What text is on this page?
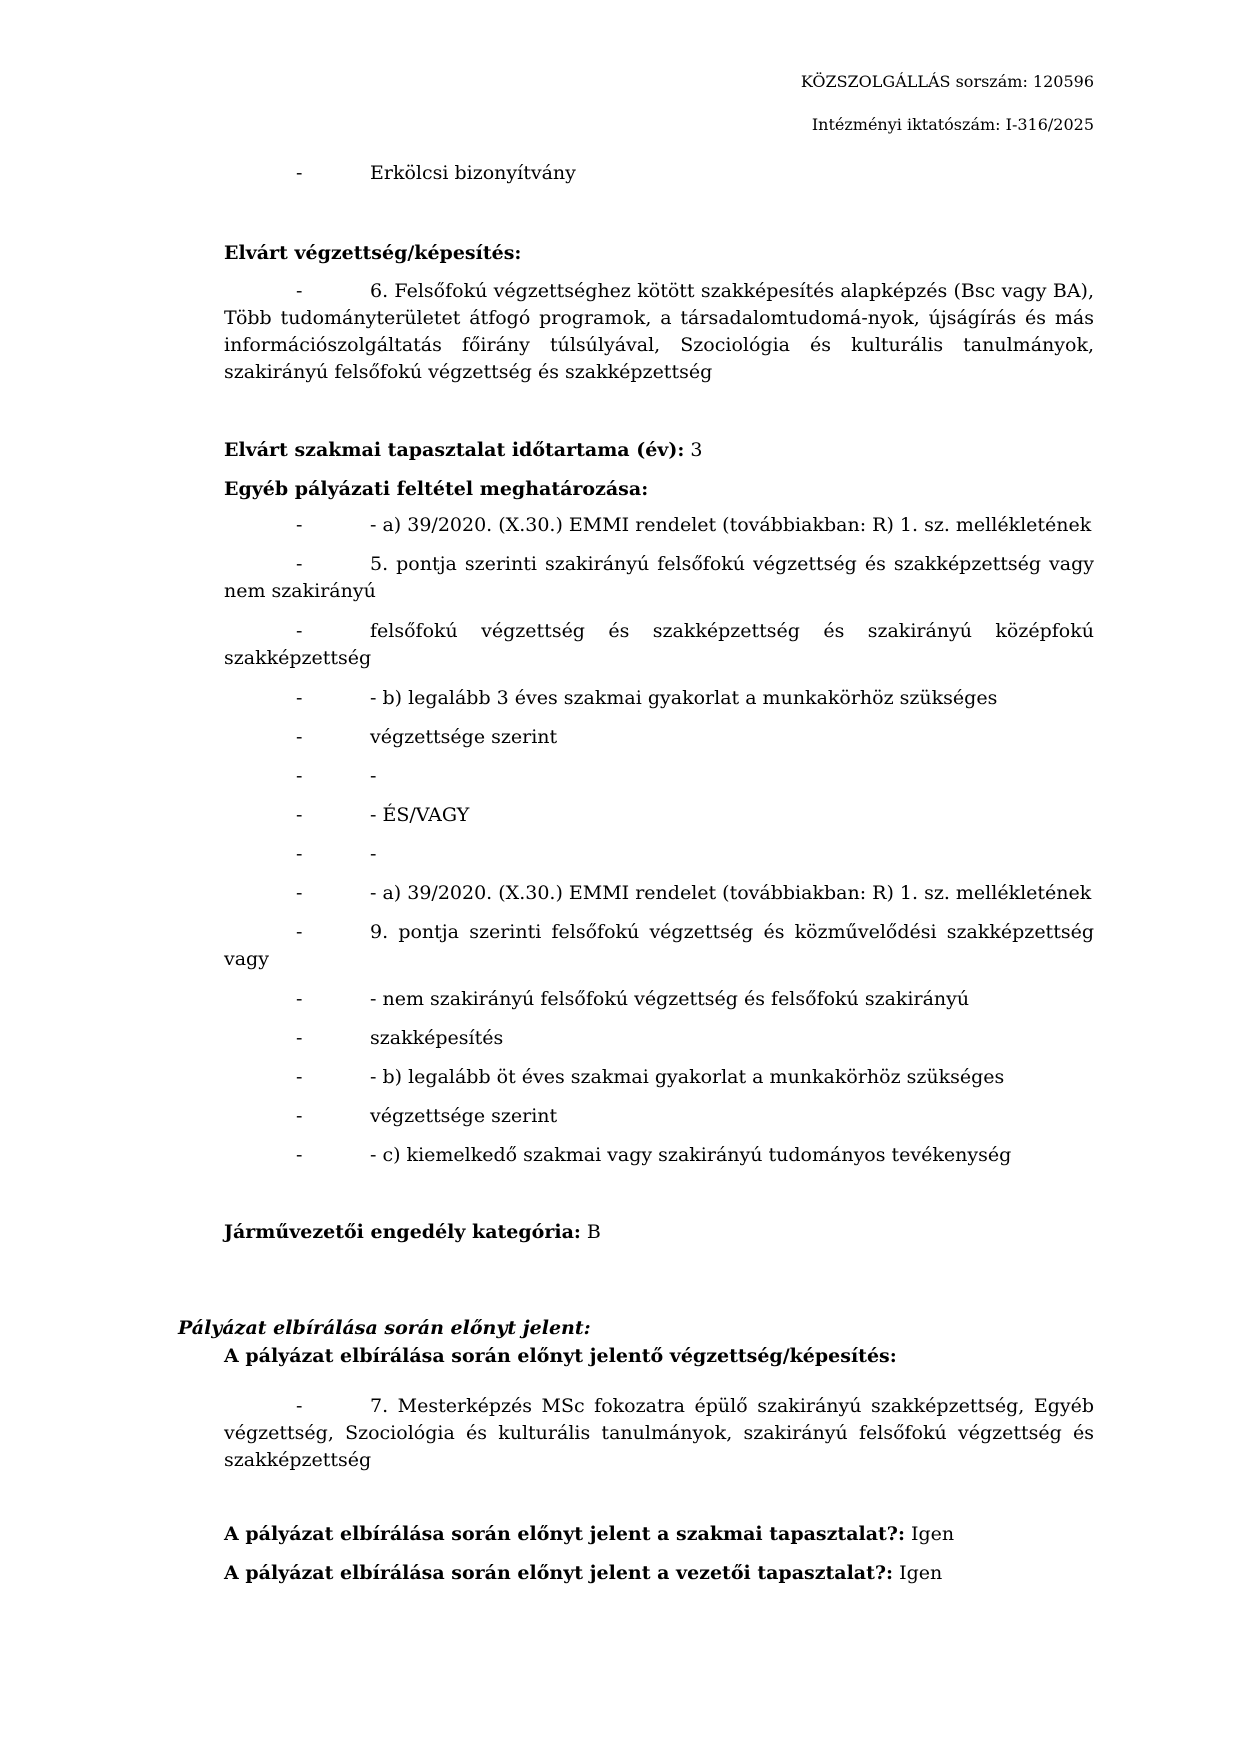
KÖZSZOLGÁLLÁS sorszám: 120596
Intézményi iktatószám: I-316/2025
-	Erkölcsi bizonyítvány
Elvárt végzettség/képesítés:
-	6. Felsőfokú végzettséghez kötött szakképesítés alapképzés (Bsc vagy BA), Több tudományterületet átfogó programok, a társadalomtudomá-nyok, újságírás és más információszolgáltatás főirány túlsúlyával, Szociológia és kulturális tanulmányok, szakirányú felsőfokú végzettség és szakképzettség
Elvárt szakmai tapasztalat időtartama (év): 3
Egyéb pályázati feltétel meghatározása:
-	- a) 39/2020. (X.30.) EMMI rendelet (továbbiakban: R) 1. sz. mellékletének
-	5. pontja szerinti szakirányú felsőfokú végzettség és szakképzettség vagy nem szakirányú
-	felsőfokú végzettség és szakképzettség és szakirányú középfokú szakképzettség
-	- b) legalább 3 éves szakmai gyakorlat a munkakörhöz szükséges
-	végzettsége szerint
-	-
-	- ÉS/VAGY
-	-
-	- a) 39/2020. (X.30.) EMMI rendelet (továbbiakban: R) 1. sz. mellékletének
-	9. pontja szerinti felsőfokú végzettség és közművelődési szakképzettség vagy
-	- nem szakirányú felsőfokú végzettség és felsőfokú szakirányú
-	szakképesítés
-	- b) legalább öt éves szakmai gyakorlat a munkakörhöz szükséges
-	végzettsége szerint
-	- c) kiemelkedő szakmai vagy szakirányú tudományos tevékenység
Járművezetői engedély kategória: B
Pályázat elbírálása során előnyt jelent:
A pályázat elbírálása során előnyt jelentő végzettség/képesítés:
-	7. Mesterképzés MSc fokozatra épülő szakirányú szakképzettség, Egyéb végzettség, Szociológia és kulturális tanulmányok, szakirányú felsőfokú végzettség és szakképzettség
A pályázat elbírálása során előnyt jelent a szakmai tapasztalat?: Igen
A pályázat elbírálása során előnyt jelent a vezetői tapasztalat?: Igen
